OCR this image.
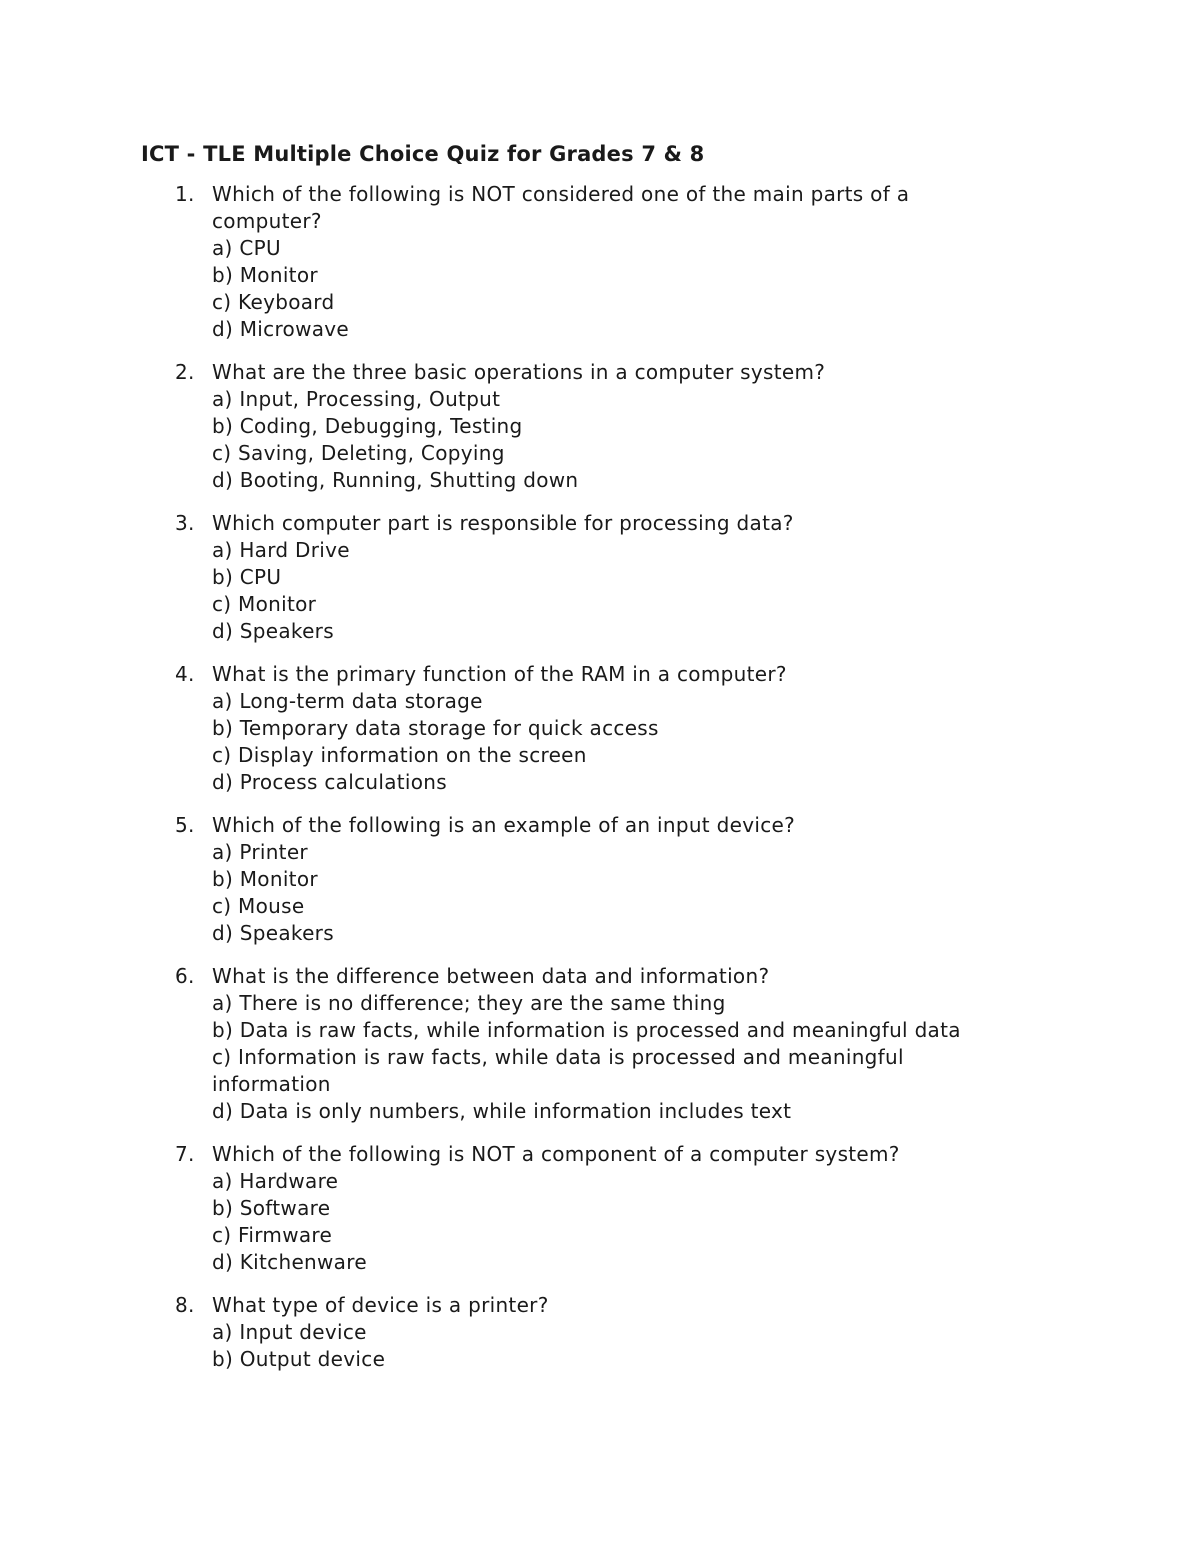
ICT - TLE Multiple Choice Quiz for Grades 7 & 8
1. Which of the following is NOT considered one of the main parts of a computer?

a) CPU

b) Monitor

c) Keyboard

d) Microwave

2. What are the three basic operations in a computer system?

a) Input, Processing, Output

b) Coding, Debugging, Testing

c) Saving, Deleting, Copying

d) Booting, Running, Shutting down

3. Which computer part is responsible for processing data?

a) Hard Drive

b) CPU

c) Monitor

d) Speakers

4. What is the primary function of the RAM in a computer?

a) Long-term data storage

b) Temporary data storage for quick access

c) Display information on the screen

d) Process calculations

5. Which of the following is an example of an input device?

a) Printer

b) Monitor

c) Mouse

d) Speakers

6. What is the difference between data and information?

a) There is no difference; they are the same thing

b) Data is raw facts, while information is processed and meaningful data

c) Information is raw facts, while data is processed and meaningful information

d) Data is only numbers, while information includes text

7. Which of the following is NOT a component of a computer system?

a) Hardware

b) Software

c) Firmware

d) Kitchenware

8. What type of device is a printer?

a) Input device

b) Output device
